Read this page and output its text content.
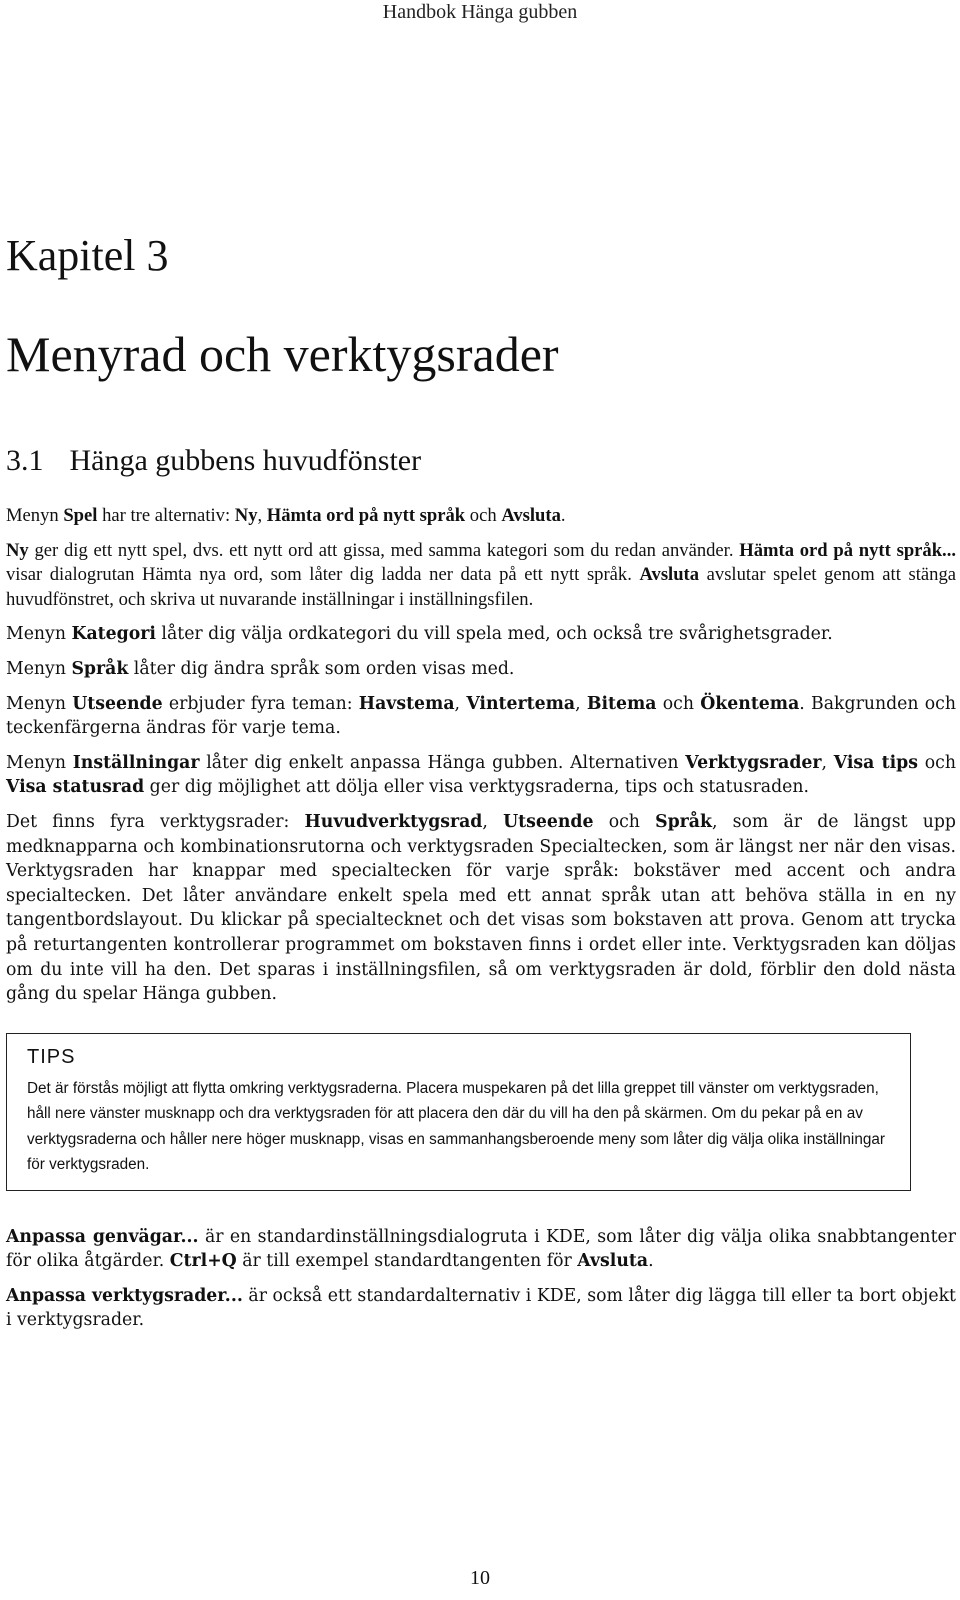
Handbok Hänga gubben
Kapitel 3
Menyrad och verktygsrader
3.1 Hänga gubbens huvudfönster

Menyn Spel har tre alternativ: Ny, Hämta ord på nytt språk och Avsluta.

Ny ger dig ett nytt spel, dvs. ett nytt ord att gissa, med samma kategori som du redan använder. Hämta ord på nytt språk... visar dialogrutan Hämta nya ord, som låter dig ladda ner data på ett nytt språk. Avsluta avslutar spelet genom att stänga huvudfönstret, och skriva ut nuvarande inställningar i inställningsfilen.

Menyn Kategori låter dig välja ordkategori du vill spela med, och också tre svårighetsgrader.

Menyn Språk låter dig ändra språk som orden visas med.

Menyn Utseende erbjuder fyra teman: Havstema, Vintertema, Bitema och Ökentema. Bakgrunden och teckenfärgerna ändras för varje tema.

Menyn Inställningar låter dig enkelt anpassa Hänga gubben. Alternativen Verktygsrader, Visa tips och Visa statusrad ger dig möjlighet att dölja eller visa verktygsraderna, tips och statusraden.

Det finns fyra verktygsrader: Huvudverktygsrad, Utseende och Språk, som är de längst upp medknapparna och kombinationsrutorna och verktygsraden Specialtecken, som är längst ner när den visas. Verktygsraden har knappar med specialtecken för varje språk: bokstäver med accent och andra specialtecken. Det låter användare enkelt spela med ett annat språk utan att behöva ställa in en ny tangentbordslayout. Du klickar på specialtecknet och det visas som bokstaven att prova. Genom att trycka på returtangenten kontrollerar programmet om bokstaven finns i ordet eller inte. Verktygsraden kan döljas om du inte vill ha den. Det sparas i inställningsfilen, så om verktygsraden är dold, förblir den dold nästa gång du spelar Hänga gubben.

TIPS

Det är förstås möjligt att flytta omkring verktygsraderna. Placera muspekaren på det lilla greppet till vänster om verktygsraden, håll nere vänster musknapp och dra verktygsraden för att placera den där du vill ha den på skärmen. Om du pekar på en av verktygsraderna och håller nere höger musknapp, visas en sammanhangsberoende meny som låter dig välja olika inställningar för verktygsraden.

Anpassa genvägar... är en standardinställningsdialogruta i KDE, som låter dig välja olika snabbtangenter för olika åtgärder. Ctrl+Q är till exempel standardtangenten för Avsluta.

Anpassa verktygsrader... är också ett standardalternativ i KDE, som låter dig lägga till eller ta bort objekt i verktygsrader.

10
